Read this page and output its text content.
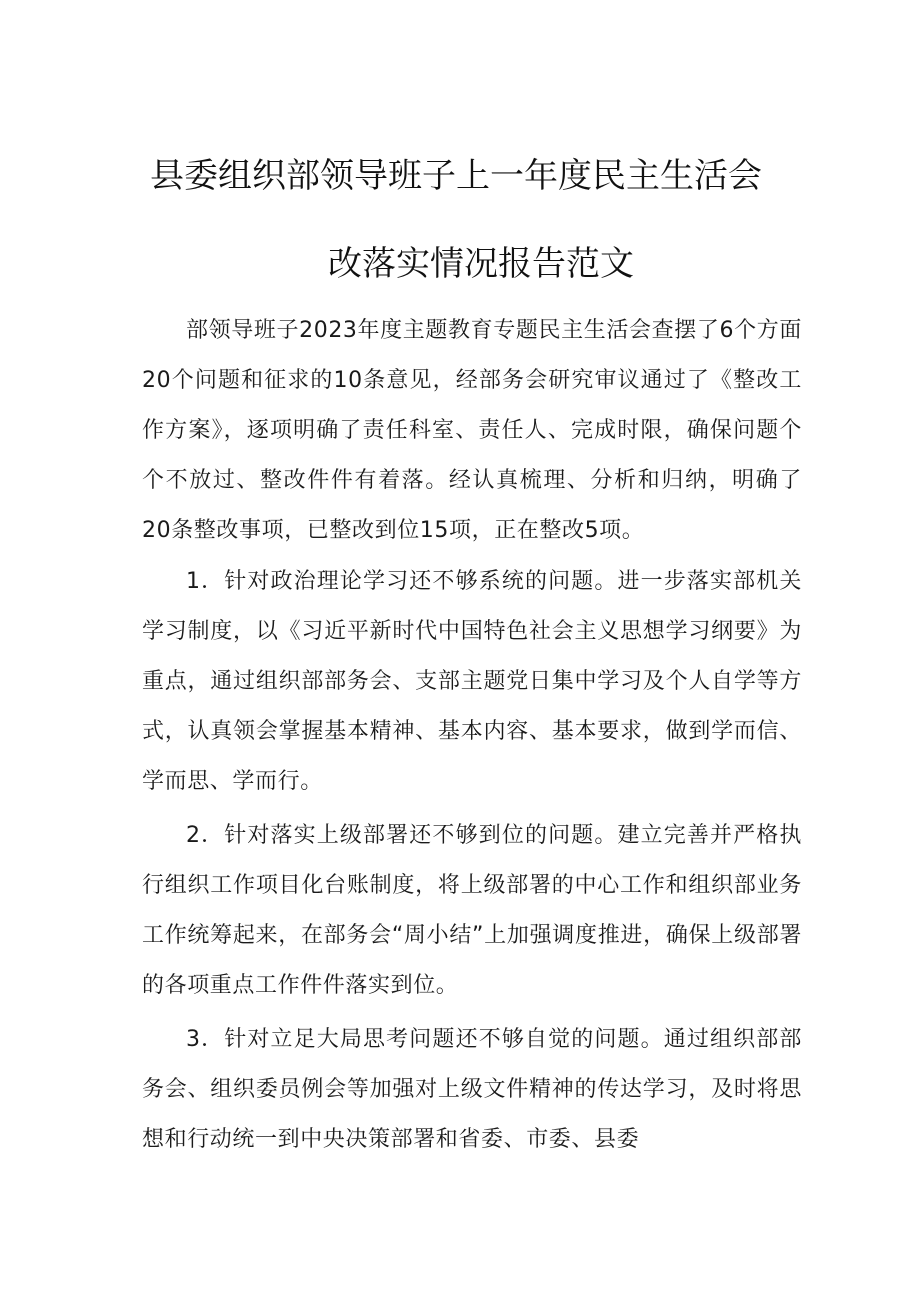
县委组织部领导班子上一年度民主生活会
改落实情况报告范文
部领导班子2023年度主题教育专题民主生活会查摆了6个方面20个问题和征求的10条意见，经部务会研究审议通过了《整改工作方案》，逐项明确了责任科室、责任人、完成时限，确保问题个个不放过、整改件件有着落。经认真梳理、分析和归纳，明确了20条整改事项，已整改到位15项，正在整改5项。
1．针对政治理论学习还不够系统的问题。进一步落实部机关学习制度，以《习近平新时代中国特色社会主义思想学习纲要》为重点，通过组织部部务会、支部主题党日集中学习及个人自学等方式，认真领会掌握基本精神、基本内容、基本要求，做到学而信、学而思、学而行。
2．针对落实上级部署还不够到位的问题。建立完善并严格执行组织工作项目化台账制度，将上级部署的中心工作和组织部业务工作统筹起来，在部务会“周小结”上加强调度推进，确保上级部署的各项重点工作件件落实到位。
3．针对立足大局思考问题还不够自觉的问题。通过组织部部务会、组织委员例会等加强对上级文件精神的传达学习，及时将思想和行动统一到中央决策部署和省委、市委、县委
